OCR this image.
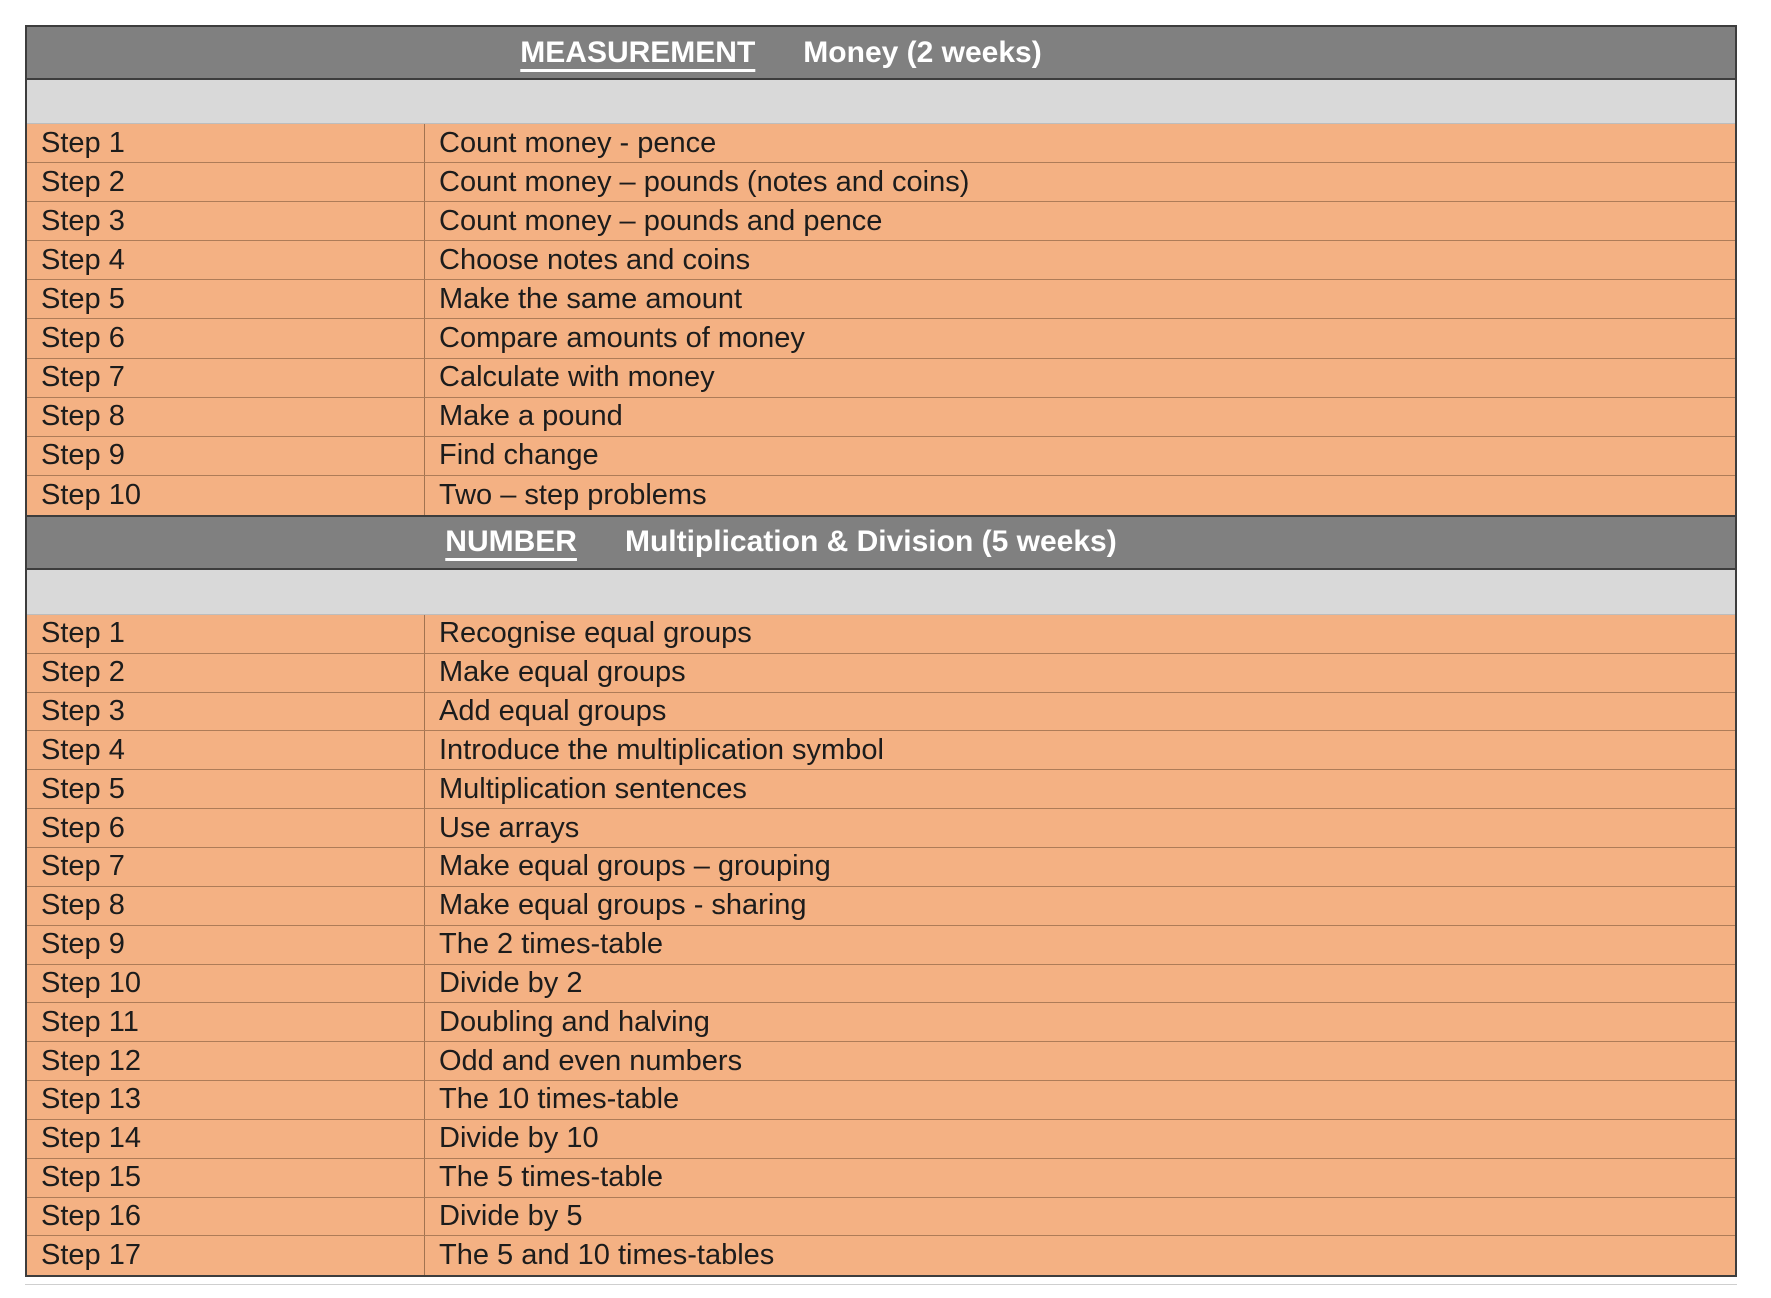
MEASUREMENT Money (2 weeks)
Step 1	Count money - pence
Step 2	Count money – pounds (notes and coins)
Step 3	Count money – pounds and pence
Step 4	Choose notes and coins
Step 5	Make the same amount
Step 6	Compare amounts of money
Step 7	Calculate with money
Step 8	Make a pound
Step 9	Find change
Step 10	Two – step problems
NUMBER Multiplication & Division (5 weeks)
Step 1	Recognise equal groups
Step 2	Make equal groups
Step 3	Add equal groups
Step 4	Introduce the multiplication symbol
Step 5	Multiplication sentences
Step 6	Use arrays
Step 7	Make equal groups – grouping
Step 8	Make equal groups - sharing
Step 9	The 2 times-table
Step 10	Divide by 2
Step 11	Doubling and halving
Step 12	Odd and even numbers
Step 13	The 10 times-table
Step 14	Divide by 10
Step 15	The 5 times-table
Step 16	Divide by 5
Step 17	The 5 and 10 times-tables
